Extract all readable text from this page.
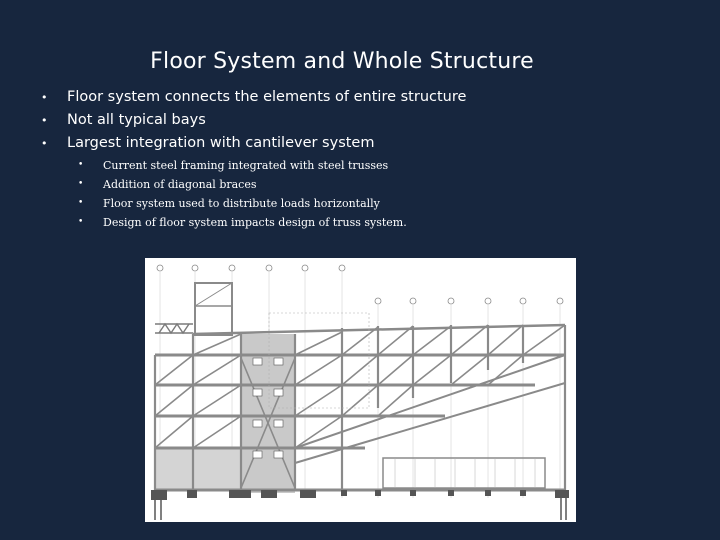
Floor System and Whole Structure
• Floor system connects the elements of entire structure
• Not all typical bays
• Largest integration with cantilever system
• Current steel framing integrated with steel trusses
• Addition of diagonal braces
• Floor system used to distribute loads horizontally
• Design of floor system impacts design of truss system.
